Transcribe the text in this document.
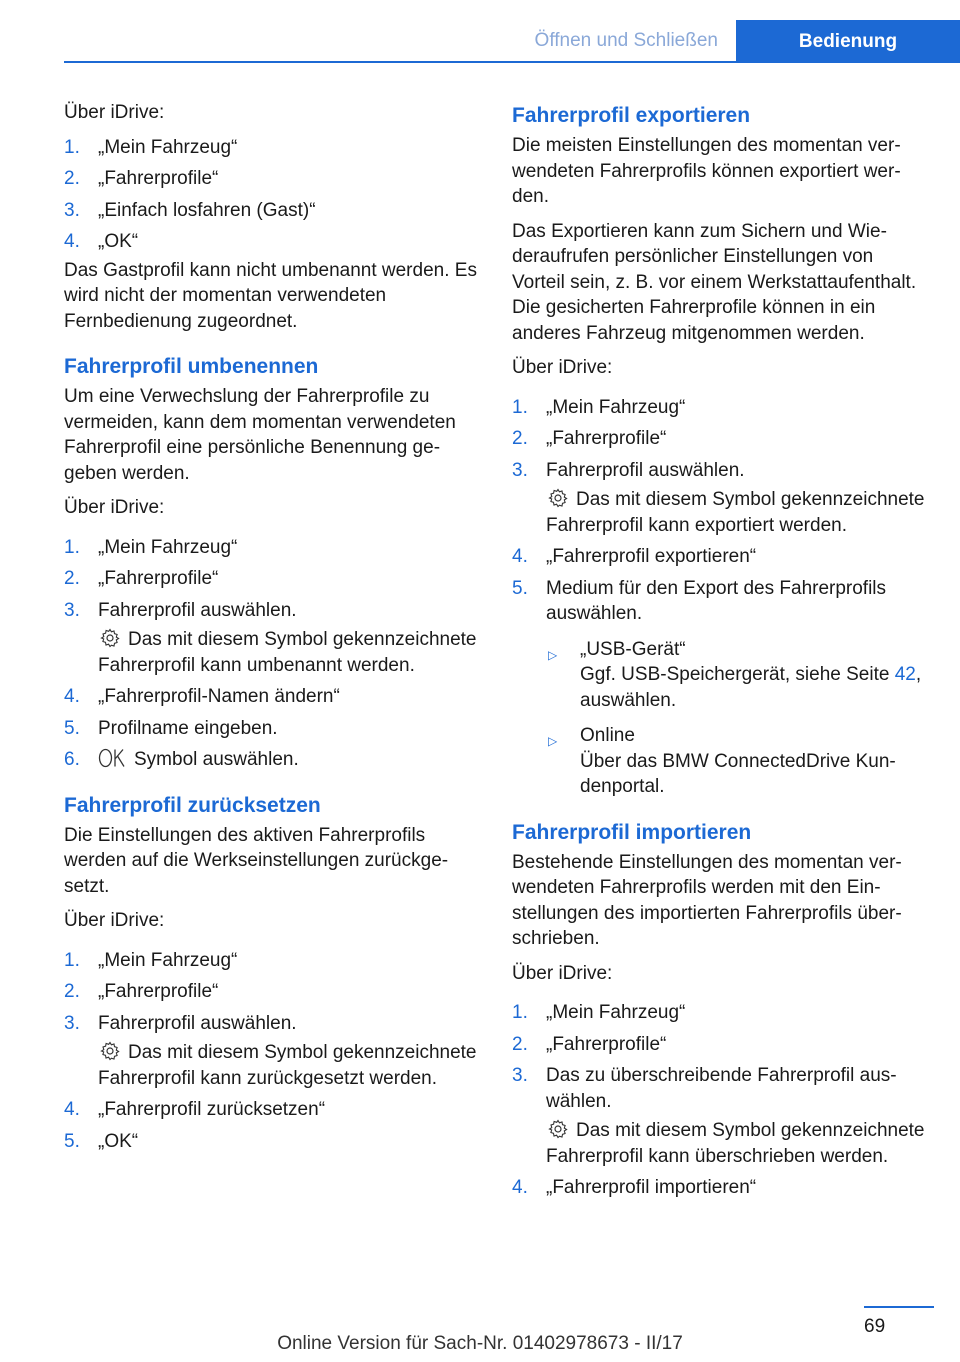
Öffnen und Schließen	Bedienung

Über iDrive:

1. „Mein Fahrzeug“
2. „Fahrerprofile“
3. „Einfach losfahren (Gast)“
4. „OK“

Das Gastprofil kann nicht umbenannt werden. Es wird nicht der momentan verwendeten Fernbedienung zugeordnet.

Fahrerprofil umbenennen

Um eine Verwechslung der Fahrerprofile zu vermeiden, kann dem momentan verwendeten Fahrerprofil eine persönliche Benennung gegeben werden.

Über iDrive:

1. „Mein Fahrzeug“
2. „Fahrerprofile“
3. Fahrerprofil auswählen.
Das mit diesem Symbol gekennzeichnete Fahrerprofil kann umbenannt werden.
4. „Fahrerprofil-Namen ändern“
5. Profilname eingeben.
6.	Symbol auswählen.
Fahrerprofil zurücksetzen

Die Einstellungen des aktiven Fahrerprofils werden auf die Werkseinstellungen zurückgesetzt.

Über iDrive:

1. „Mein Fahrzeug“
2. „Fahrerprofile“
3. Fahrerprofil auswählen.
Das mit diesem Symbol gekennzeichnete Fahrerprofil kann zurückgesetzt werden.
4. „Fahrerprofil zurücksetzen“
5. „OK“
Fahrerprofil exportieren

Die meisten Einstellungen des momentan verwendeten Fahrerprofils können exportiert werden.

Das Exportieren kann zum Sichern und Wiederaufrufen persönlicher Einstellungen von Vorteil sein, z. B. vor einem Werkstattaufenthalt. Die gesicherten Fahrerprofile können in ein anderes Fahrzeug mitgenommen werden.

Über iDrive:

1. „Mein Fahrzeug“
2. „Fahrerprofile“
3. Fahrerprofil auswählen.
Das mit diesem Symbol gekennzeichnete Fahrerprofil kann exportiert werden.
4. „Fahrerprofil exportieren“
5. Medium für den Export des Fahrerprofils auswählen.
▷ „USB-Gerät“
Ggf. USB-Speichergerät, siehe Seite 42, auswählen.
▷ Online
Über das BMW ConnectedDrive Kundenportal.
Fahrerprofil importieren

Bestehende Einstellungen des momentan verwendeten Fahrerprofils werden mit den Einstellungen des importierten Fahrerprofils überschrieben.

Über iDrive:

1. „Mein Fahrzeug“
2. „Fahrerprofile“
3. Das zu überschreibende Fahrerprofil auswählen.
Das mit diesem Symbol gekennzeichnete Fahrerprofil kann überschrieben werden.
4. „Fahrerprofil importieren“
69
Online Version für Sach-Nr. 01402978673 - II/17
